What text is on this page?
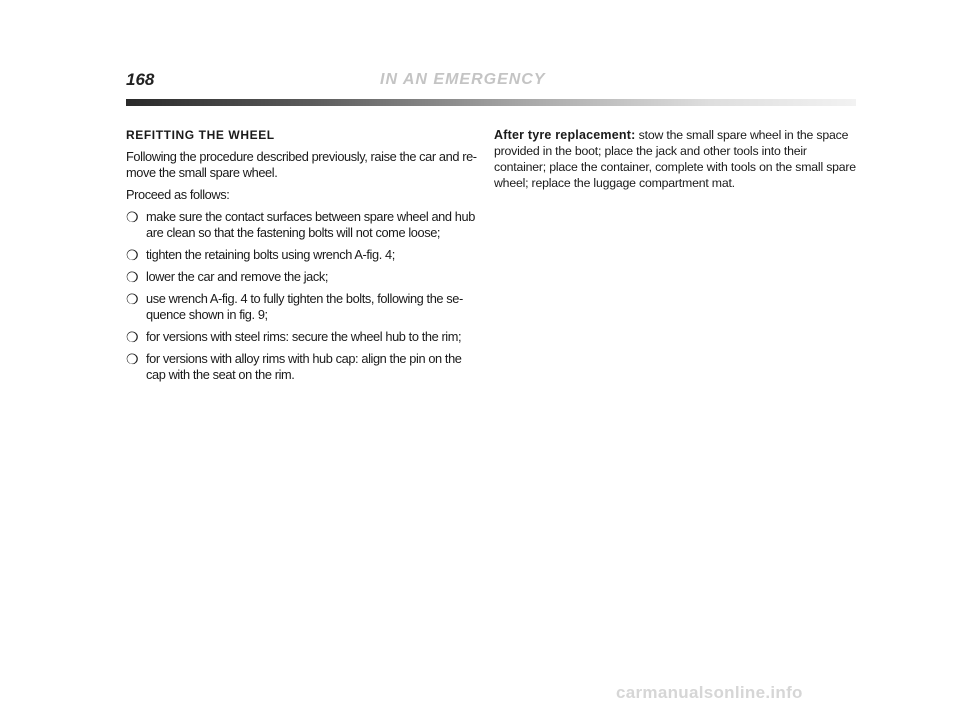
168	IN AN EMERGENCY
REFITTING THE WHEEL

Following the procedure described previously, raise the car and re-move the small spare wheel.

Proceed as follows:

❍ make sure the contact surfaces between spare wheel and hub are clean so that the fastening bolts will not come loose;
❍ tighten the retaining bolts using wrench A-fig. 4;
❍ lower the car and remove the jack;
❍ use wrench A-fig. 4 to fully tighten the bolts, following the se-quence shown in fig. 9;
❍ for versions with steel rims: secure the wheel hub to the rim;
❍ for versions with alloy rims with hub cap: align the pin on the cap with the seat on the rim.

After tyre replacement: stow the small spare wheel in the space provided in the boot; place the jack and other tools into their container; place the container, complete with tools on the small spare wheel; replace the luggage compartment mat.

carmanualsonline.info
